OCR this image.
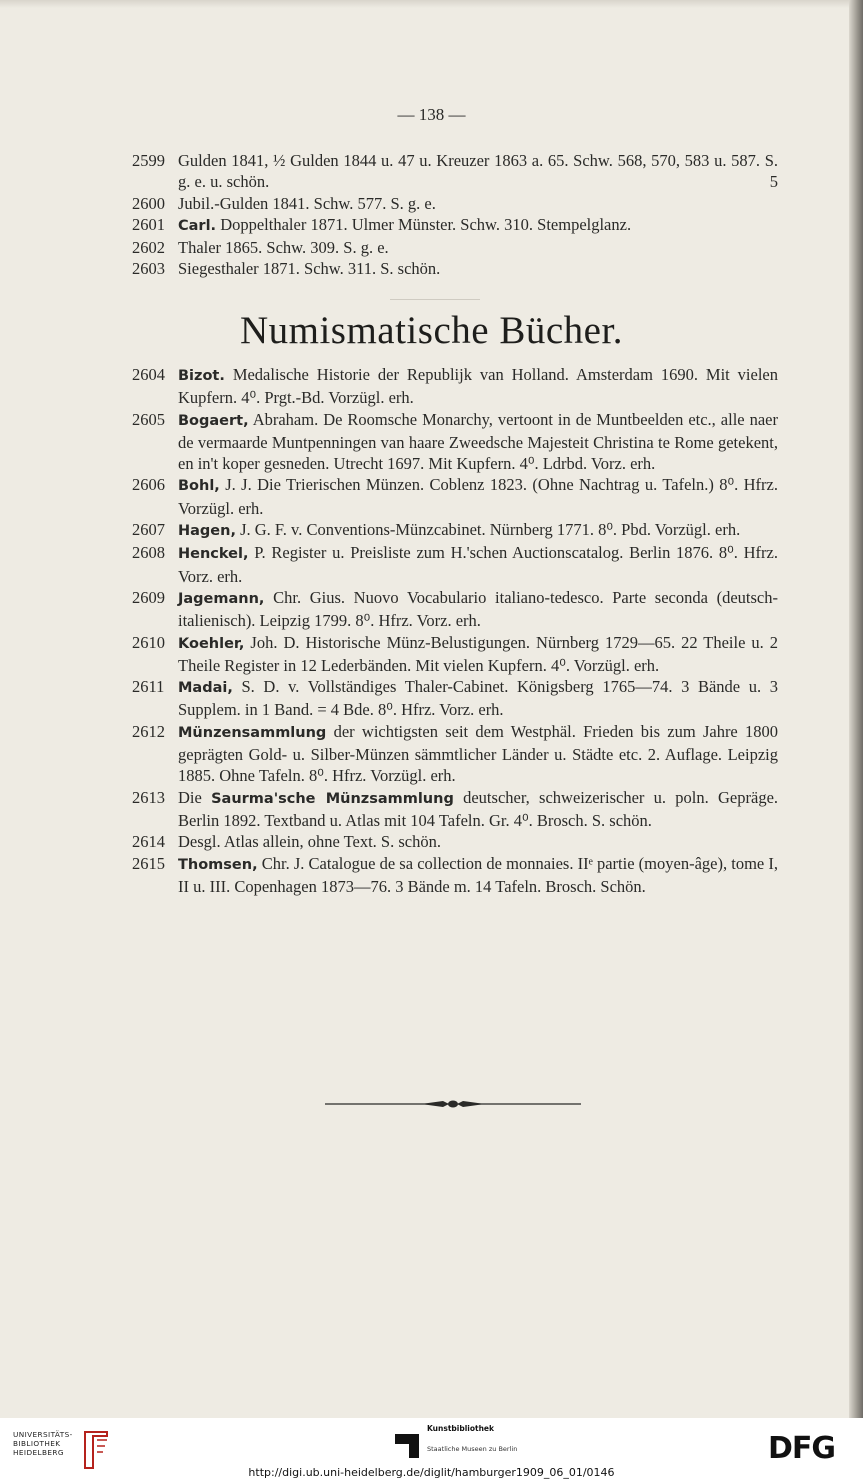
— 138 —
2599 Gulden 1841, ½ Gulden 1844 u. 47 u. Kreuzer 1863 a. 65. Schw. 568, 570, 583 u. 587. S. g. e. u. schön.	5
2600 Jubil.-Gulden 1841. Schw. 577. S. g. e.
2601 Carl. Doppelthaler 1871. Ulmer Münster. Schw. 310. Stempelglanz.
2602 Thaler 1865. Schw. 309. S. g. e.
2603 Siegesthaler 1871. Schw. 311. S. schön.
Numismatische Bücher.
2604 Bizot. Medalische Historie der Republijk van Holland. Amsterdam 1690. Mit vielen Kupfern. 4⁰. Prgt.-Bd. Vorzügl. erh.
2605 Bogaert, Abraham. De Roomsche Monarchy, vertoont in de Muntbeelden etc., alle naer de vermaarde Muntpenningen van haare Zweedsche Majesteit Christina te Rome getekent, en in't koper gesneden. Utrecht 1697. Mit Kupfern. 4⁰. Ldrbd. Vorz. erh.
2606 Bohl, J. J. Die Trierischen Münzen. Coblenz 1823. (Ohne Nachtrag u. Tafeln.) 8⁰. Hfrz. Vorzügl. erh.
2607 Hagen, J. G. F. v. Conventions-Münzcabinet. Nürnberg 1771. 8⁰. Pbd. Vorzügl. erh.
2608 Henckel, P. Register u. Preisliste zum H.'schen Auctionscatalog. Berlin 1876. 8⁰. Hfrz. Vorz. erh.
2609 Jagemann, Chr. Gius. Nuovo Vocabulario italiano-tedesco. Parte seconda (deutsch-italienisch). Leipzig 1799. 8⁰. Hfrz. Vorz. erh.
2610 Koehler, Joh. D. Historische Münz-Belustigungen. Nürnberg 1729—65. 22 Theile u. 2 Theile Register in 12 Lederbänden. Mit vielen Kupfern. 4⁰. Vorzügl. erh.
2611 Madai, S. D. v. Vollständiges Thaler-Cabinet. Königsberg 1765—74. 3 Bände u. 3 Supplem. in 1 Band. = 4 Bde. 8⁰. Hfrz. Vorz. erh.
2612 Münzensammlung der wichtigsten seit dem Westphäl. Frieden bis zum Jahre 1800 geprägten Gold- u. Silber-Münzen sämmtlicher Länder u. Städte etc. 2. Auflage. Leipzig 1885. Ohne Tafeln. 8⁰. Hfrz. Vorzügl. erh.
2613 Die Saurma'sche Münzsammlung deutscher, schweizerischer u. poln. Gepräge. Berlin 1892. Textband u. Atlas mit 104 Tafeln. Gr. 4⁰. Brosch. S. schön.
2614 Desgl. Atlas allein, ohne Text. S. schön.
2615 Thomsen, Chr. J. Catalogue de sa collection de monnaies. IIᵉ partie (moyen-âge), tome I, II u. III. Copenhagen 1873—76. 3 Bände m. 14 Tafeln. Brosch. Schön.
UNIVERSITÄTS-
BIBLIOTHEK
HEIDELBERG
Kunstbibliothek
Staatliche Museen zu Berlin	DFG
http://digi.ub.uni-heidelberg.de/diglit/hamburger1909_06_01/0146
